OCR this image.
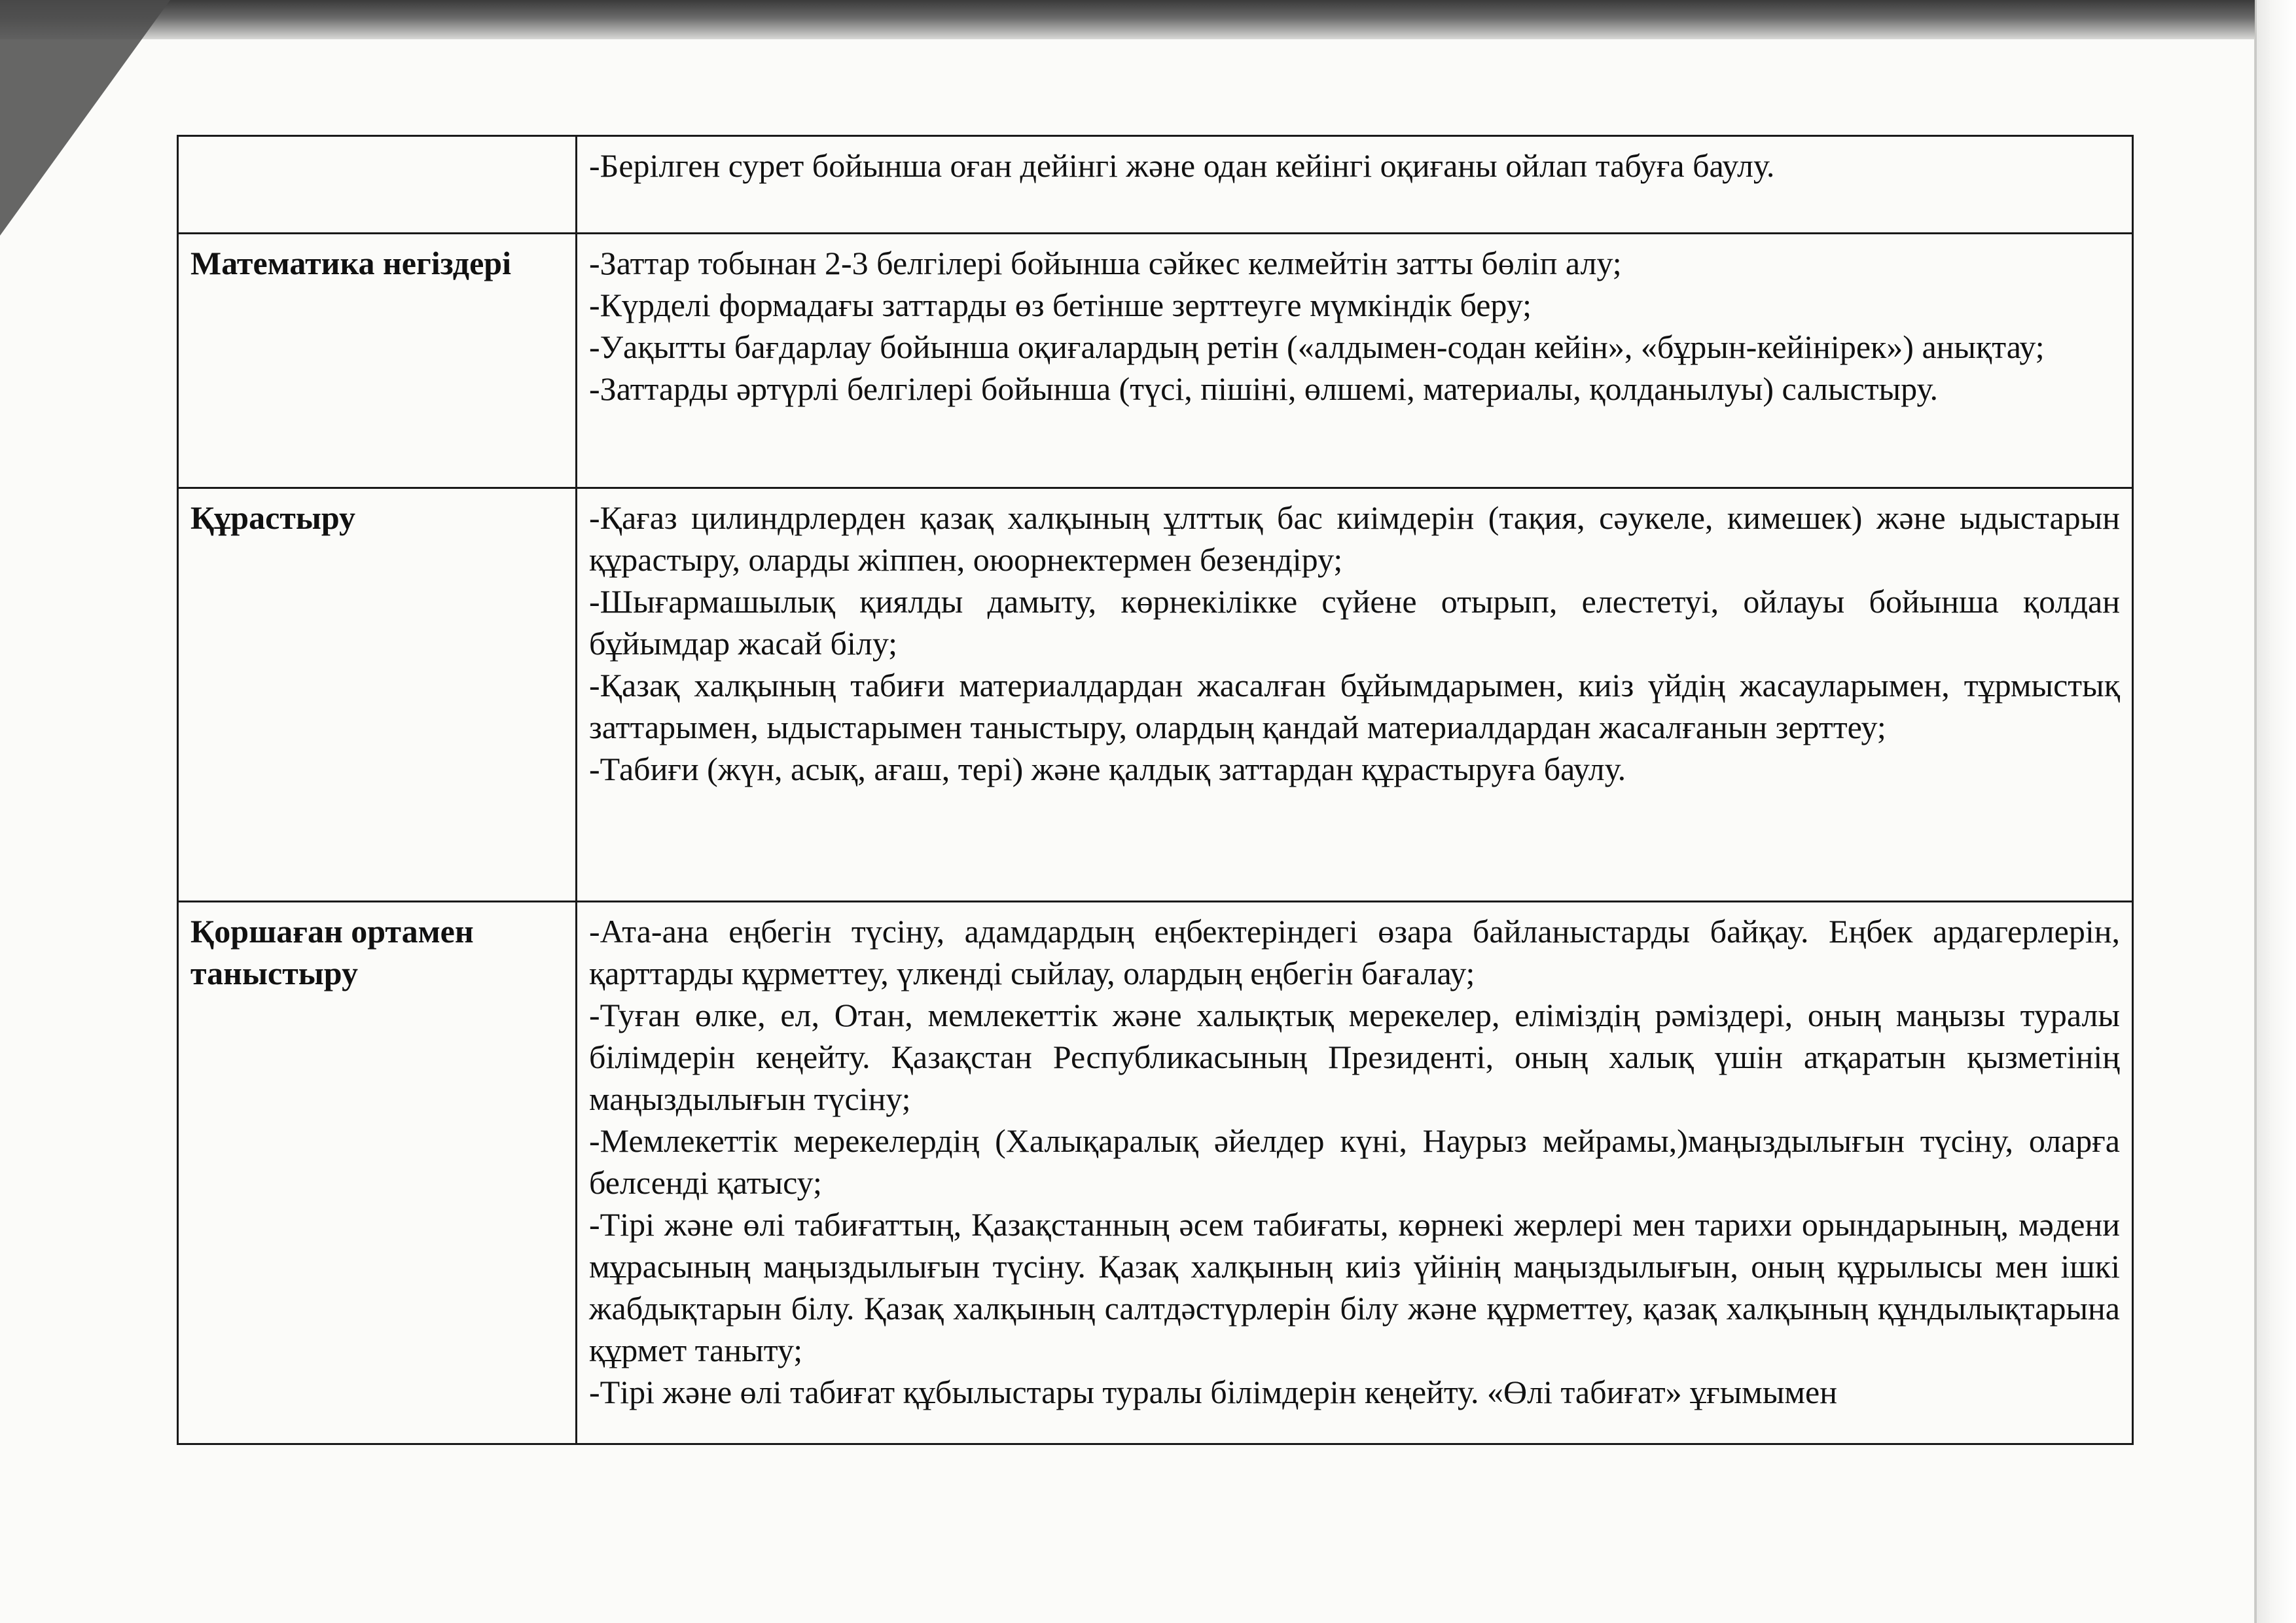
	-Берілген сурет бойынша оған дейінгі және одан кейінгі оқиғаны ойлап табуға баулу.

Математика негіздері	-Заттар тобынан 2-3 белгілері бойынша сәйкес келмейтін затты бөліп алу;
-Күрделі формадағы заттарды өз бетінше зерттеуге мүмкіндік беру;
-Уақытты бағдарлау бойынша оқиғалардың ретін («алдымен-содан кейін», «бұрын-кейінірек») анықтау;
-Заттарды әртүрлі белгілері бойынша (түсі, пішіні, өлшемі, материалы, қолданылуы) салыстыру.

Құрастыру	-Қағаз цилиндрлерден қазақ халқының ұлттық бас киімдерін (тақия, сәукеле, кимешек) және ыдыстарын құрастыру, оларды жіппен, оюорнектермен безендіру;
-Шығармашылық қиялды дамыту, көрнекілікке сүйене отырып, елестетуі, ойлауы бойынша қолдан бұйымдар жасай білу;
-Қазақ халқының табиғи материалдардан жасалған бұйымдарымен, киіз үйдің жасауларымен, тұрмыстық заттарымен, ыдыстарымен таныстыру, олардың қандай материалдардан жасалғанын зерттеу;
-Табиғи (жүн, асық, ағаш, тері) және қалдық заттардан құрастыруға баулу.

Қоршаған ортамен таныстыру	-Ата-ана еңбегін түсіну, адамдардың еңбектеріндегі өзара байланыстарды байқау. Еңбек ардагерлерін, қарттарды құрметтеу, үлкенді сыйлау, олардың еңбегін бағалау;
-Туған өлке, ел, Отан, мемлекеттік және халықтық мерекелер, еліміздің рәміздері, оның маңызы туралы білімдерін кеңейту. Қазақстан Республикасының Президенті, оның халық үшін атқаратын қызметінің маңыздылығын түсіну;
-Мемлекеттік мерекелердің (Халықаралық әйелдер күні, Наурыз мейрамы,)маңыздылығын түсіну, оларға белсенді қатысу;
-Тірі және өлі табиғаттың, Қазақстанның әсем табиғаты, көрнекі жерлері мен тарихи орындарының, мәдени мұрасының маңыздылығын түсіну. Қазақ халқының киіз үйінің маңыздылығын, оның құрылысы мен ішкі жабдықтарын білу. Қазақ халқының салтдәстүрлерін білу және құрметтеу, қазақ халқының құндылықтарына құрмет таныту;
-Тірі және өлі табиғат құбылыстары туралы білімдерін кеңейту. «Өлі табиғат» ұғымымен
